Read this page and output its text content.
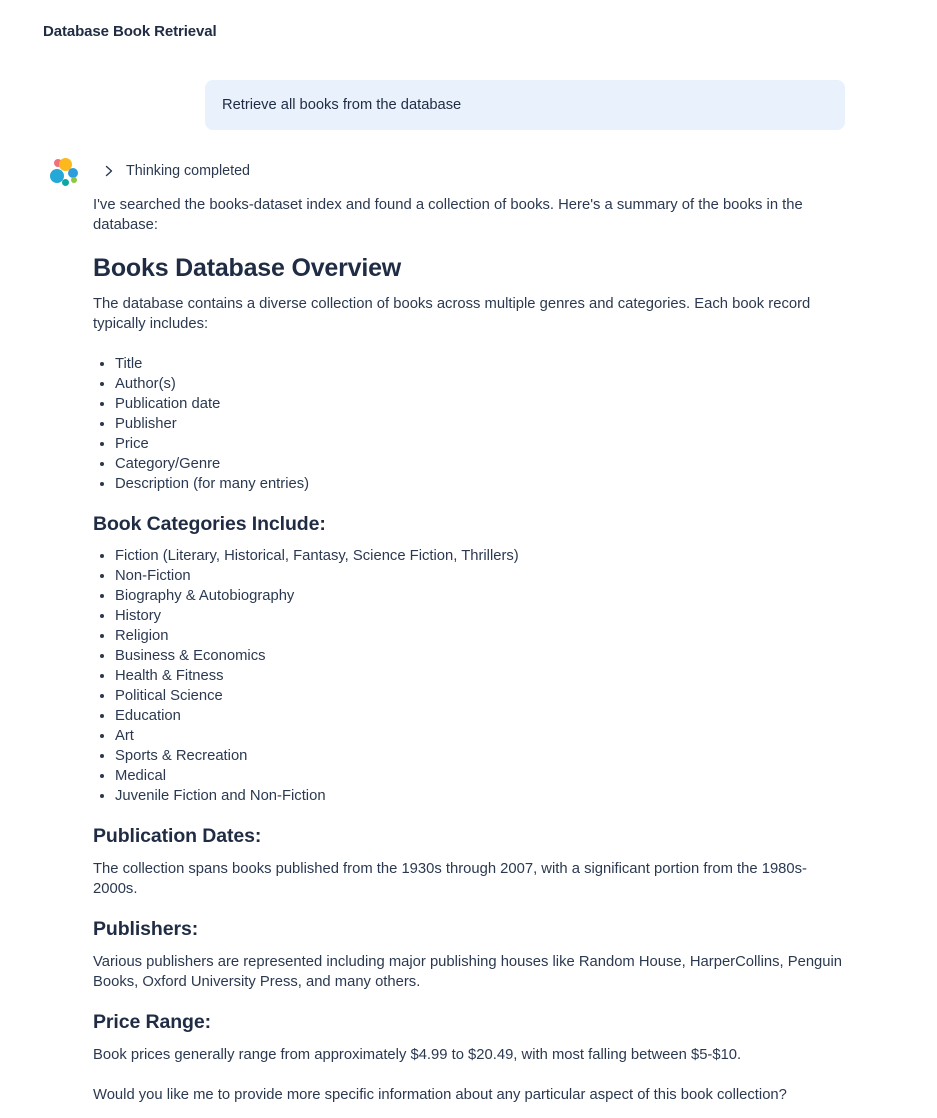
Database Book Retrieval
Retrieve all books from the database
Thinking completed

I've searched the books-dataset index and found a collection of books. Here's a summary of the books in the database:

Books Database Overview

The database contains a diverse collection of books across multiple genres and categories. Each book record typically includes:

• Title
• Author(s)
• Publication date
• Publisher
• Price
• Category/Genre
• Description (for many entries)
Book Categories Include:
• Fiction (Literary, Historical, Fantasy, Science Fiction, Thrillers)
• Non-Fiction
• Biography & Autobiography
• History
• Religion
• Business & Economics
• Health & Fitness
• Political Science
• Education
• Art
• Sports & Recreation
• Medical
• Juvenile Fiction and Non-Fiction
Publication Dates:

The collection spans books published from the 1930s through 2007, with a significant portion from the 1980s-2000s.

Publishers:

Various publishers are represented including major publishing houses like Random House, HarperCollins, Penguin Books, Oxford University Press, and many others.

Price Range:

Book prices generally range from approximately $4.99 to $20.49, with most falling between $5-$10.

Would you like me to provide more specific information about any particular aspect of this book collection?
